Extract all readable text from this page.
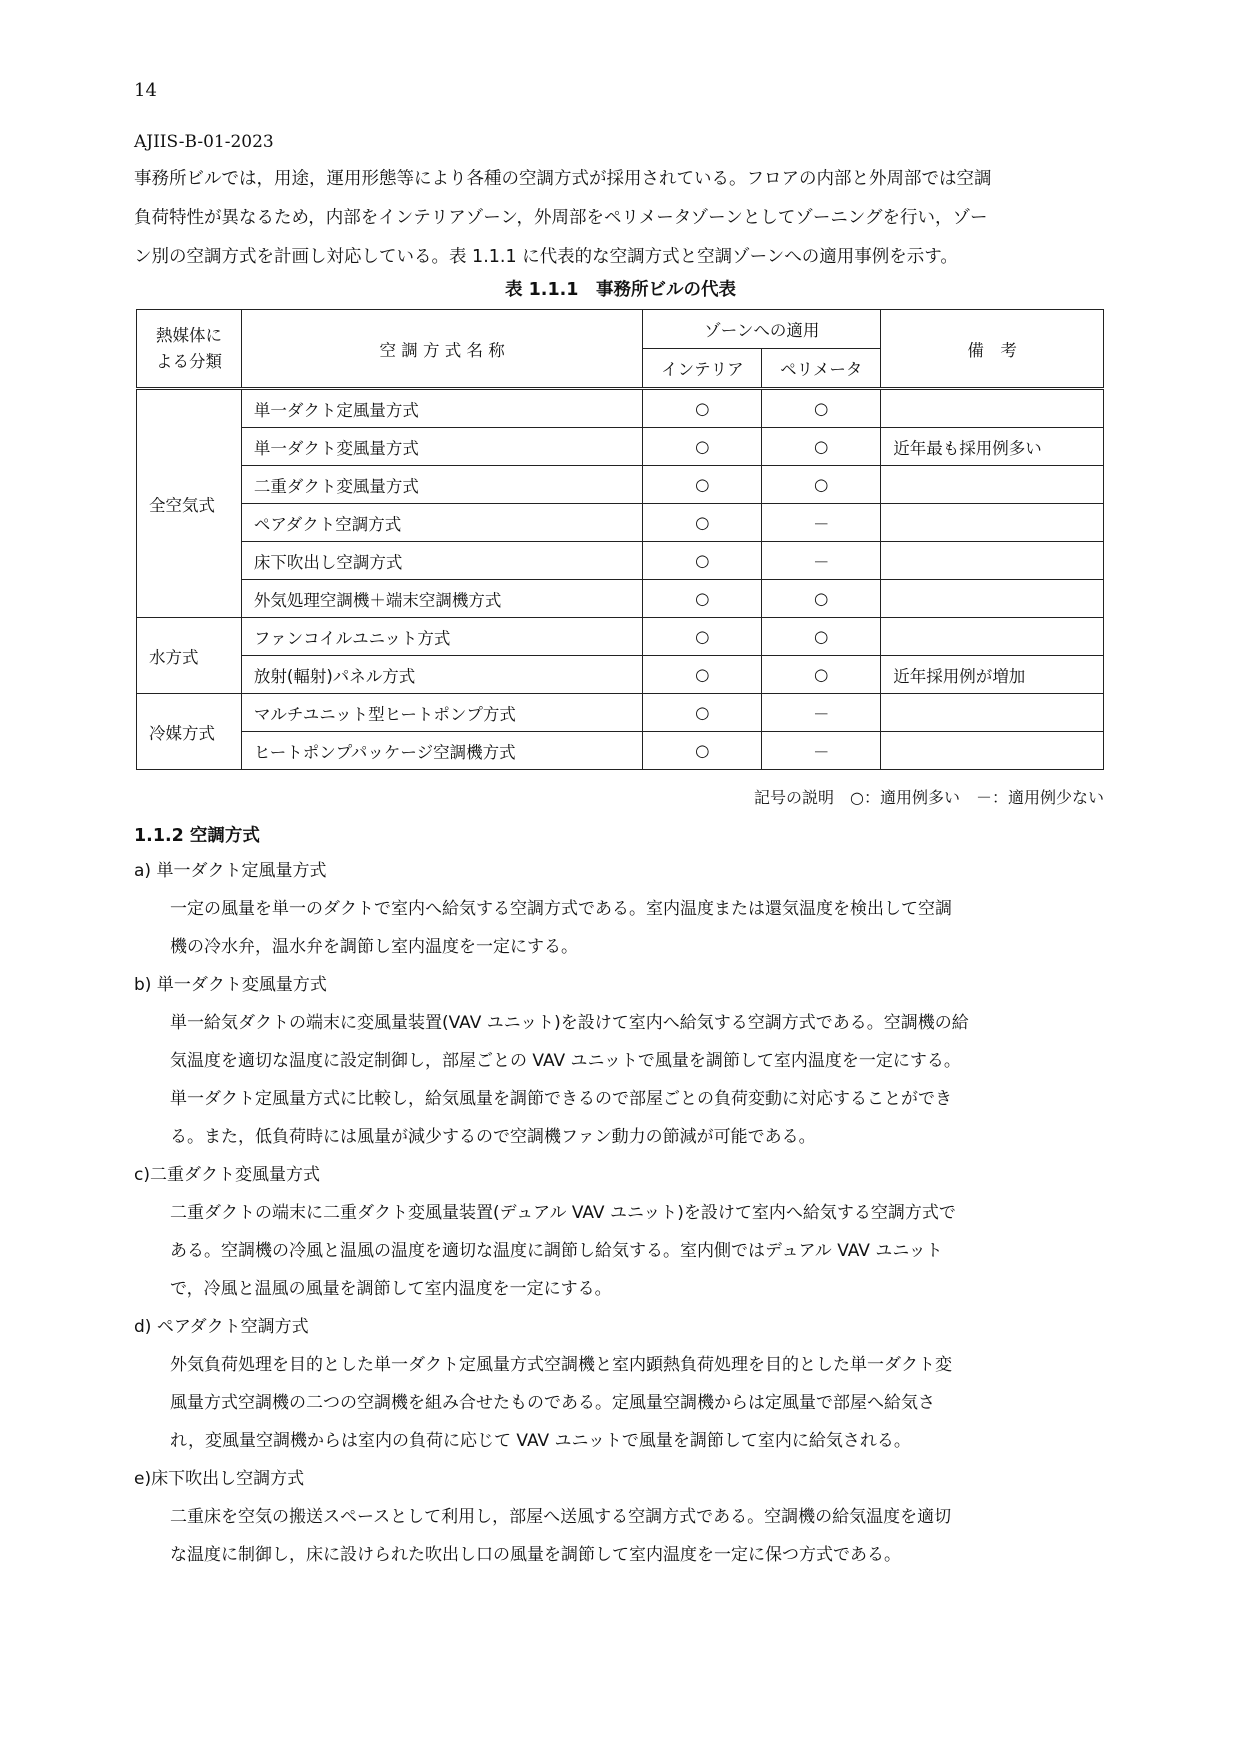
14
AJIIS-B-01-2023

事務所ビルでは，用途，運用形態等により各種の空調方式が採用されている。フロアの内部と外周部では空調

負荷特性が異なるため，内部をインテリアゾーン，外周部をペリメータゾーンとしてゾーニングを行い，ゾー

ン別の空調方式を計画し対応している。表 1.1.1 に代表的な空調方式と空調ゾーンへの適用事例を示す。

表 1.1.1　事務所ビルの代表
熱媒体に
よる分類	空 調 方 式 名 称	ゾーンへの適用		備　考
		インテリア	ペリメータ	
全空気式	単一ダクト定風量方式	○	○	
	単一ダクト変風量方式	○	○	近年最も採用例多い
	二重ダクト変風量方式	○	○	
	ペアダクト空調方式	○	－	
	床下吹出し空調方式	○	－	
	外気処理空調機＋端末空調機方式	○	○	
水方式	ファンコイルユニット方式	○	○	
	放射(輻射)パネル方式	○	○	近年採用例が増加
冷媒方式	マルチユニット型ヒートポンプ方式	○	－	
	ヒートポンプパッケージ空調機方式	○	－	
記号の説明　○：適用例多い　－：適用例少ない
1.1.2 空調方式
a) 単一ダクト定風量方式

一定の風量を単一のダクトで室内へ給気する空調方式である。室内温度または還気温度を検出して空調

機の冷水弁，温水弁を調節し室内温度を一定にする。

b) 単一ダクト変風量方式

単一給気ダクトの端末に変風量装置(VAV ユニット)を設けて室内へ給気する空調方式である。空調機の給

気温度を適切な温度に設定制御し，部屋ごとの VAV ユニットで風量を調節して室内温度を一定にする。

単一ダクト定風量方式に比較し，給気風量を調節できるので部屋ごとの負荷変動に対応することができ

る。また，低負荷時には風量が減少するので空調機ファン動力の節減が可能である。

c)二重ダクト変風量方式

二重ダクトの端末に二重ダクト変風量装置(デュアル VAV ユニット)を設けて室内へ給気する空調方式で

ある。空調機の冷風と温風の温度を適切な温度に調節し給気する。室内側ではデュアル VAV ユニット

で，冷風と温風の風量を調節して室内温度を一定にする。

d) ペアダクト空調方式

外気負荷処理を目的とした単一ダクト定風量方式空調機と室内顕熱負荷処理を目的とした単一ダクト変

風量方式空調機の二つの空調機を組み合せたものである。定風量空調機からは定風量で部屋へ給気さ

れ，変風量空調機からは室内の負荷に応じて VAV ユニットで風量を調節して室内に給気される。

e)床下吹出し空調方式

二重床を空気の搬送スペースとして利用し，部屋へ送風する空調方式である。空調機の給気温度を適切

な温度に制御し，床に設けられた吹出し口の風量を調節して室内温度を一定に保つ方式である。
